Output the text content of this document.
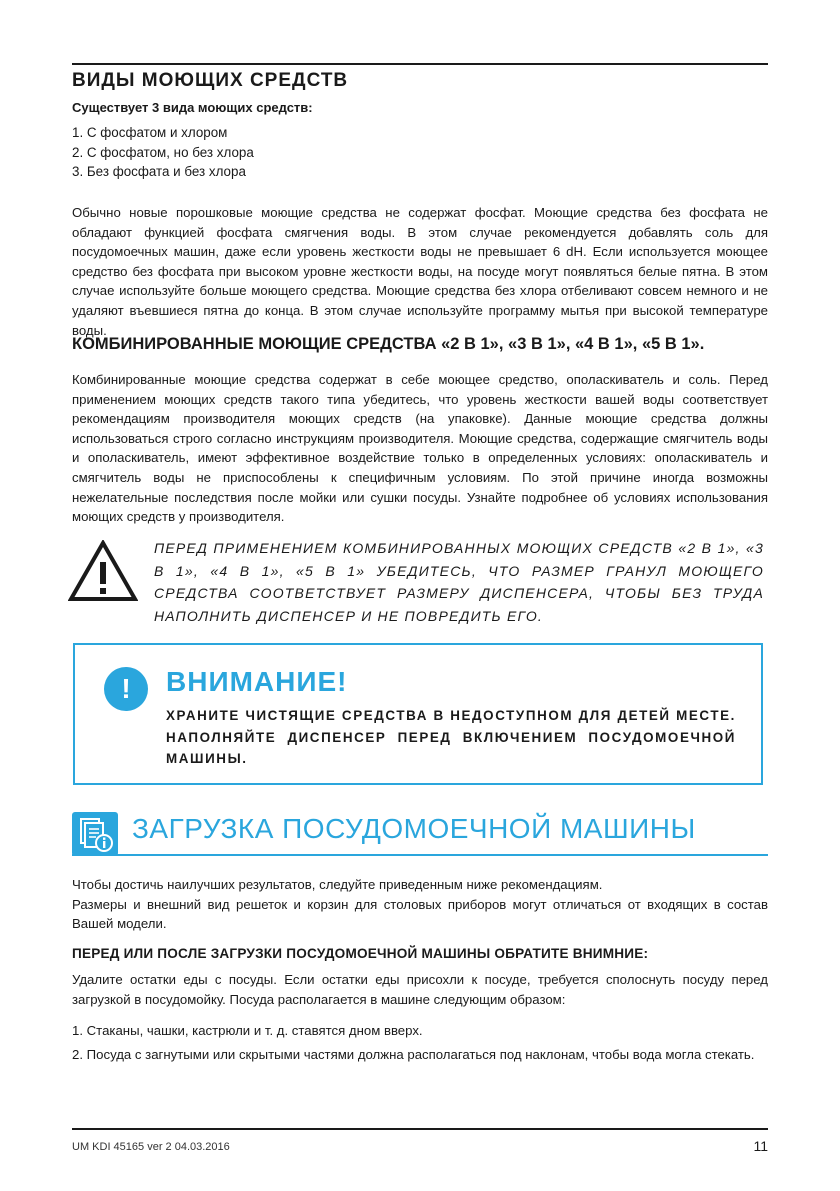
ВИДЫ МОЮЩИХ СРЕДСТВ
Существует 3 вида моющих средств:
1. С фосфатом и хлором
2. С фосфатом, но без хлора
3. Без фосфата и без хлора

Обычно новые порошковые моющие средства не содержат фосфат. Моющие средства без фосфата не обладают функцией фосфата смягчения воды. В этом случае рекомендуется добавлять соль для посудомоечных машин, даже если уровень жесткости воды не превышает 6 dH. Если используется моющее средство без фосфата при высоком уровне жесткости воды, на посуде могут появляться белые пятна. В этом случае используйте больше моющего средства. Моющие средства без хлора отбеливают совсем немного и не удаляют въевшиеся пятна до конца. В этом случае используйте программу мытья при высокой температуре воды.

КОМБИНИРОВАННЫЕ МОЮЩИЕ СРЕДСТВА «2 В 1», «3 В 1», «4 В 1», «5 В 1».

Комбинированные моющие средства содержат в себе моющее средство, ополаскиватель и соль. Перед применением моющих средств такого типа убедитесь, что уровень жесткости вашей воды соответствует рекомендациям производителя моющих средств (на упаковке). Данные моющие средства должны использоваться строго согласно инструкциям производителя. Моющие средства, содержащие смягчитель воды и ополаскиватель, имеют эффективное воздействие только в определенных условиях: ополаскиватель и смягчитель воды не приспособлены к специфичным условиям. По этой причине иногда возможны нежелательные последствия после мойки или сушки посуды. Узнайте подробнее об условиях использования моющих средств у производителя.

ПЕРЕД ПРИМЕНЕНИЕМ КОМБИНИРОВАННЫХ МОЮЩИХ СРЕДСТВ «2 В 1», «3 В 1», «4 В 1», «5 В 1» УБЕДИТЕСЬ, ЧТО РАЗМЕР ГРАНУЛ МОЮЩЕГО СРЕДСТВА СООТВЕТСТВУЕТ РАЗМЕРУ ДИСПЕНСЕРА, ЧТОБЫ БЕЗ ТРУДА НАПОЛНИТЬ ДИСПЕНСЕР И НЕ ПОВРЕДИТЬ ЕГО.

!	ВНИМАНИЕ!

ХРАНИТЕ ЧИСТЯЩИЕ СРЕДСТВА В НЕДОСТУПНОМ ДЛЯ ДЕТЕЙ МЕСТЕ. НАПОЛНЯЙТЕ ДИСПЕНСЕР ПЕРЕД ВКЛЮЧЕНИЕМ ПОСУДОМОЕЧНОЙ МАШИНЫ.

ЗАГРУЗКА ПОСУДОМОЕЧНОЙ МАШИНЫ

Чтобы достичь наилучших результатов, следуйте приведенным ниже рекомендациям.
Размеры и внешний вид решеток и корзин для столовых приборов могут отличаться от входящих в состав Вашей модели.

ПЕРЕД ИЛИ ПОСЛЕ ЗАГРУЗКИ ПОСУДОМОЕЧНОЙ МАШИНЫ ОБРАТИТЕ ВНИМНИЕ:

Удалите остатки еды с посуды. Если остатки еды присохли к посуде, требуется сполоснуть посуду перед загрузкой в посудомойку. Посуда располагается в машине следующим образом:

1. Стаканы, чашки, кастрюли и т. д. ставятся дном вверх.

2. Посуда с загнутыми или скрытыми частями должна располагаться под наклонам, чтобы вода могла стекать.

UM KDI 45165 ver 2 04.03.2016	11
